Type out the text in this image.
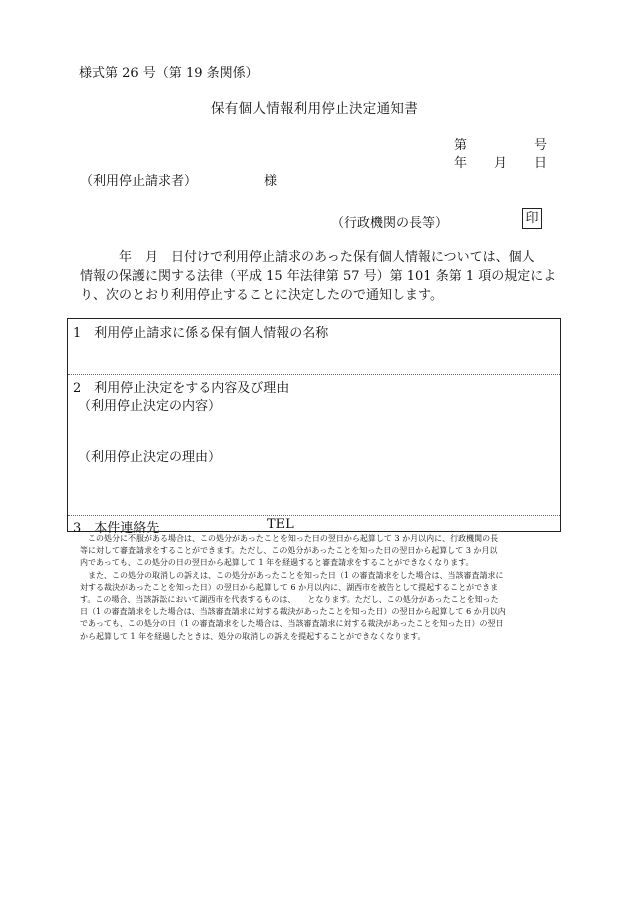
様式第 26 号（第 19 条関係）
保有個人情報利用停止決定通知書
第	号
年 月 日
（利用停止請求者）	様
（行政機関の長等）	印
　　　年　月　日付けで利用停止請求のあった保有個人情報については、個人
情報の保護に関する法律（平成 15 年法律第 57 号）第 101 条第 1 項の規定によ
り、次のとおり利用停止することに決定したので通知します。
1　利用停止請求に係る保有個人情報の名称
2　利用停止決定をする内容及び理由
（利用停止決定の内容）
（利用停止決定の理由）
3　本件連絡先	TEL
　この処分に不服がある場合は、この処分があったことを知った日の翌日から起算して 3 か月以内に、行政機関の長
等に対して審査請求をすることができます。ただし、この処分があったことを知った日の翌日から起算して 3 か月以
内であっても、この処分の日の翌日から起算して 1 年を経過すると審査請求をすることができなくなります。
　また、この処分の取消しの訴えは、この処分があったことを知った日（1 の審査請求をした場合は、当該審査請求に
対する裁決があったことを知った日）の翌日から起算して 6 か月以内に、湖西市を被告として提起することができま
す。この場合、当該訴訟において湖西市を代表するものは、　　となります。ただし、この処分があったことを知った
日（1 の審査請求をした場合は、当該審査請求に対する裁決があったことを知った日）の翌日から起算して 6 か月以内
であっても、この処分の日（1 の審査請求をした場合は、当該審査請求に対する裁決があったことを知った日）の翌日
から起算して 1 年を経過したときは、処分の取消しの訴えを提起することができなくなります。
